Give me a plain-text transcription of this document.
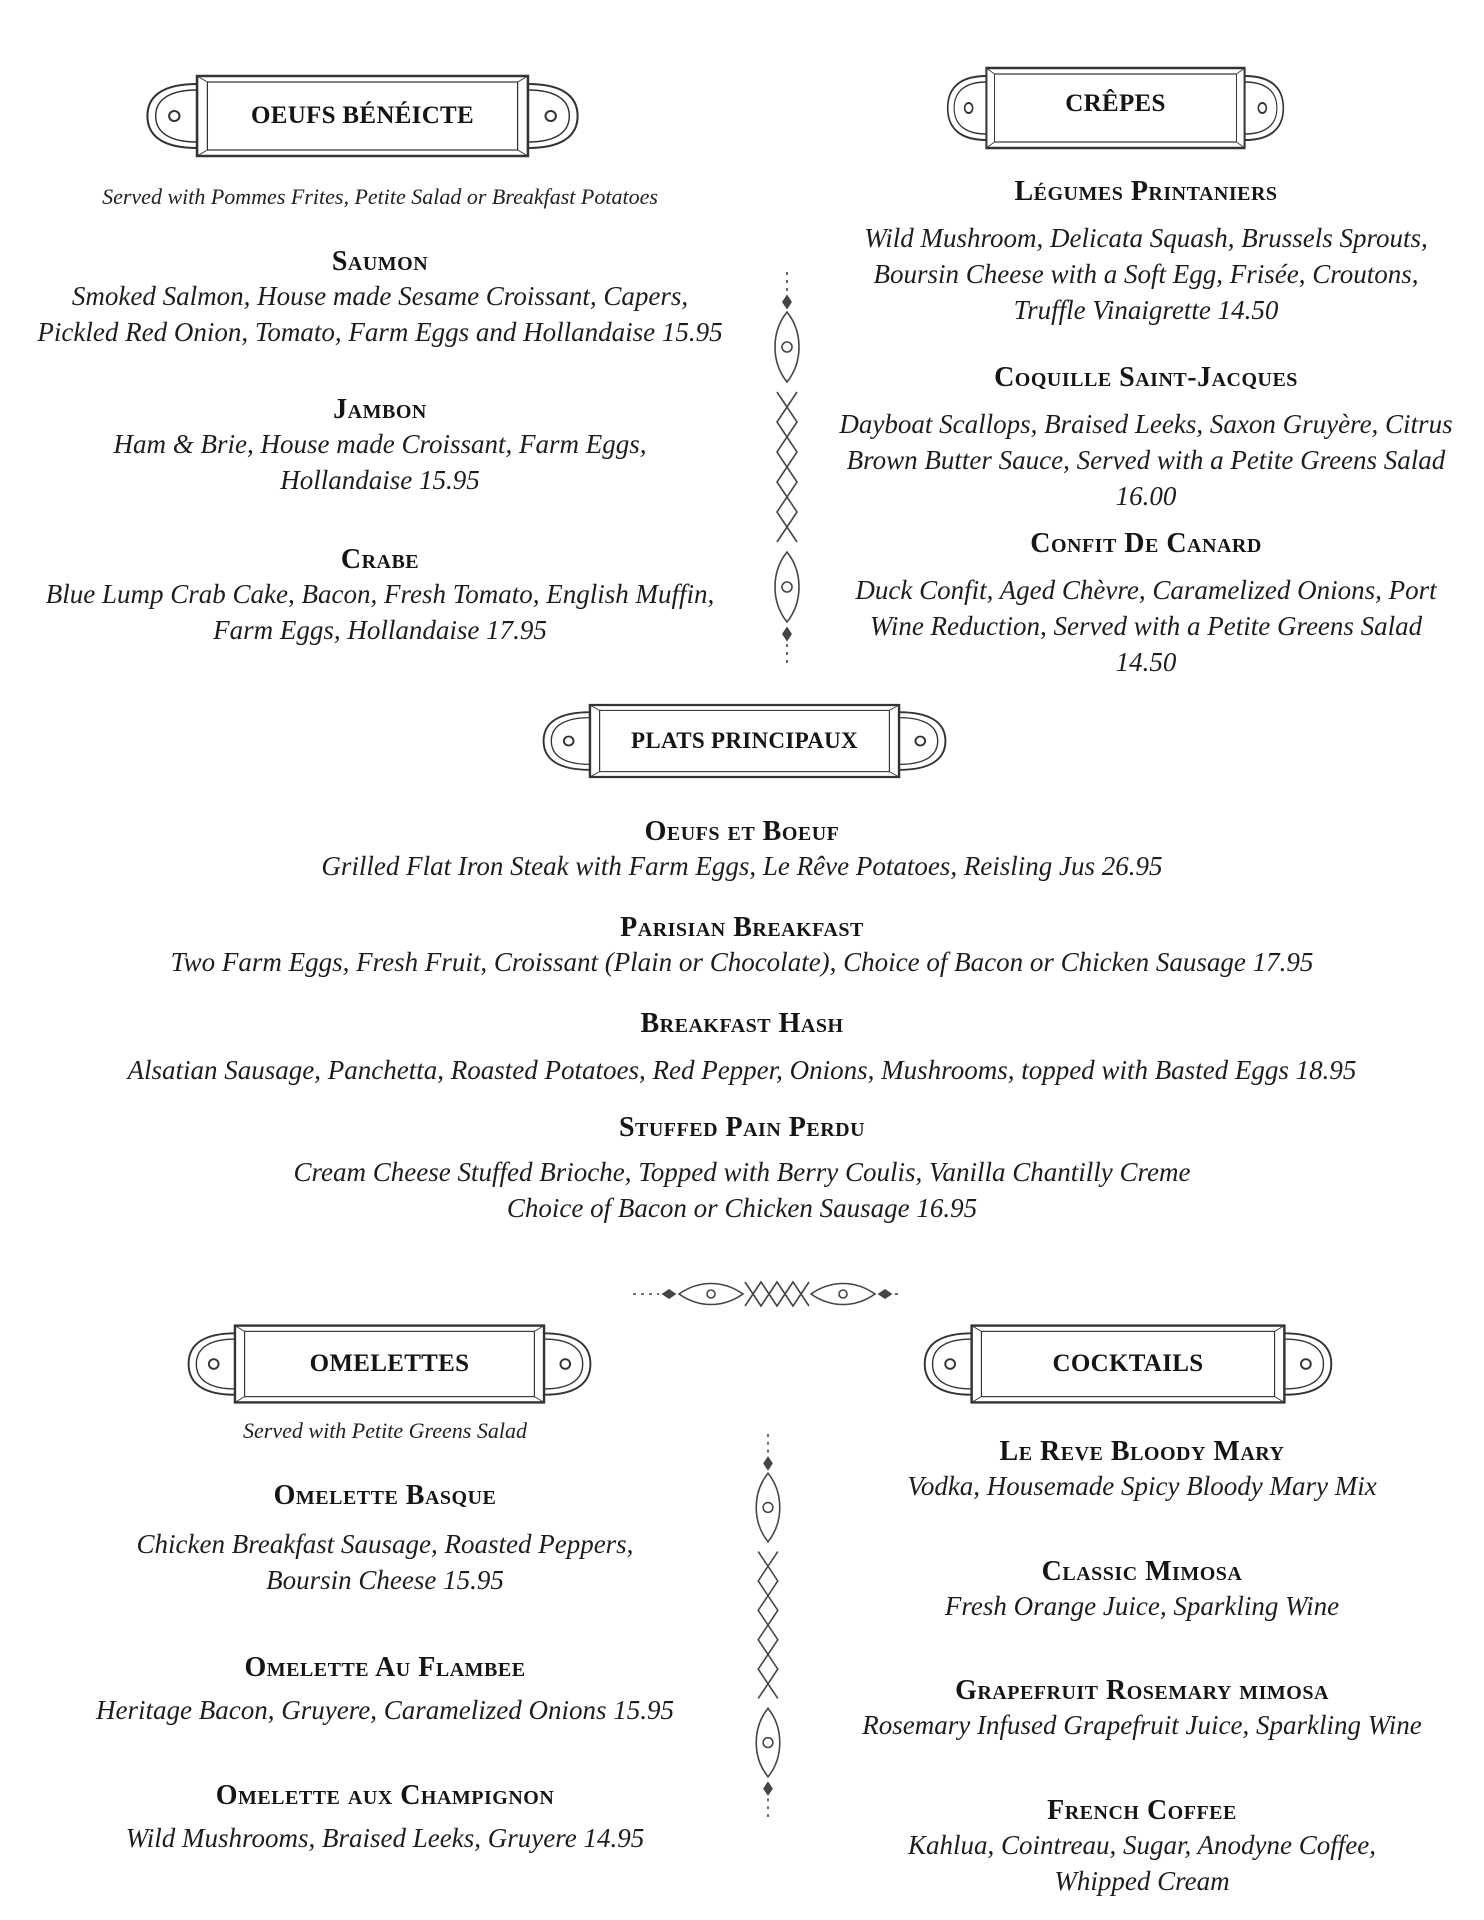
OEUFS BÉNÉICTE
Served with Pommes Frites, Petite Salad or Breakfast Potatoes
Saumon
Smoked Salmon, House made Sesame Croissant, Capers,
Pickled Red Onion, Tomato, Farm Eggs and Hollandaise 15.95
Jambon
Ham & Brie, House made Croissant, Farm Eggs,
Hollandaise 15.95
Crabe
Blue Lump Crab Cake, Bacon, Fresh Tomato, English Muffin,
Farm Eggs, Hollandaise 17.95
CRÊPES
Légumes Printaniers
Wild Mushroom, Delicata Squash, Brussels Sprouts,
Boursin Cheese with a Soft Egg, Frisée, Croutons,
Truffle Vinaigrette 14.50
Coquille Saint-Jacques
Dayboat Scallops, Braised Leeks, Saxon Gruyère, Citrus
Brown Butter Sauce, Served with a Petite Greens Salad
16.00
Confit De Canard
Duck Confit, Aged Chèvre, Caramelized Onions, Port
Wine Reduction, Served with a Petite Greens Salad
14.50
PLATS PRINCIPAUX
Oeufs et Boeuf
Grilled Flat Iron Steak with Farm Eggs, Le Rêve Potatoes, Reisling Jus 26.95
Parisian Breakfast
Two Farm Eggs, Fresh Fruit, Croissant (Plain or Chocolate), Choice of Bacon or Chicken Sausage 17.95
Breakfast Hash
Alsatian Sausage, Panchetta, Roasted Potatoes, Red Pepper, Onions, Mushrooms, topped with Basted Eggs 18.95
Stuffed Pain Perdu
Cream Cheese Stuffed Brioche, Topped with Berry Coulis, Vanilla Chantilly Creme
Choice of Bacon or Chicken Sausage 16.95
OMELETTES
Served with Petite Greens Salad
Omelette Basque
Chicken Breakfast Sausage, Roasted Peppers,
Boursin Cheese 15.95
Omelette Au Flambee
Heritage Bacon, Gruyere, Caramelized Onions 15.95
Omelette aux Champignon
Wild Mushrooms, Braised Leeks, Gruyere 14.95
COCKTAILS
Le Reve Bloody Mary
Vodka, Housemade Spicy Bloody Mary Mix
Classic Mimosa
Fresh Orange Juice, Sparkling Wine
Grapefruit Rosemary mimosa
Rosemary Infused Grapefruit Juice, Sparkling Wine
French Coffee
Kahlua, Cointreau, Sugar, Anodyne Coffee,
Whipped Cream
